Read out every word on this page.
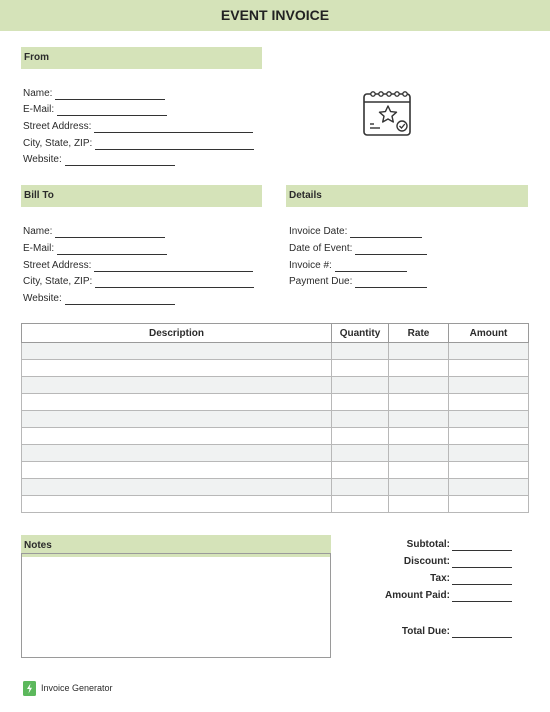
EVENT INVOICE
From
Name:
E-Mail:
Street Address:
City, State, ZIP:
Website:
Bill To
Name:
E-Mail:
Street Address:
City, State, ZIP:
Website:
Details
Invoice Date:
Date of Event:
Invoice #:
Payment Due:
Description	Quantity	Rate	Amount

Notes	Subtotal:
Discount:
Tax:
Amount Paid:
Total Due:
Invoice Generator
